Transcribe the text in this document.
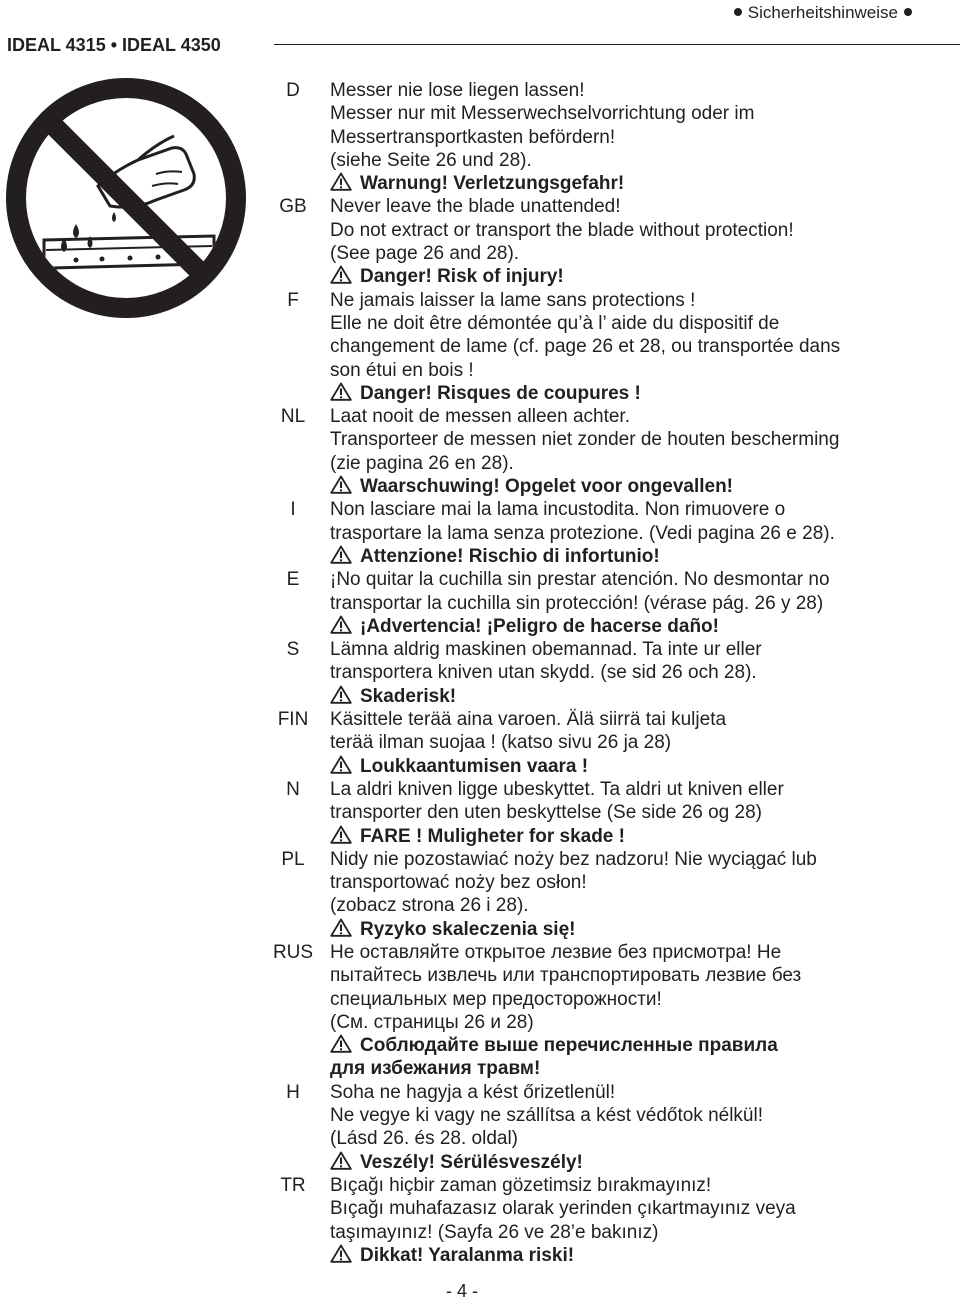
Sicherheitshinweise
IDEAL 4315 • IDEAL 4350
D	Messer nie lose liegen lassen!
Messer nur mit Messerwechselvorrichtung oder im
Messertransportkasten befördern!
(siehe Seite 26 und 28).
Warnung! Verletzungsgefahr!
GB	Never leave the blade unattended!
Do not extract or transport the blade without protection!
(See page 26 and 28).
Danger! Risk of injury!
F	Ne jamais laisser la lame sans protections !
Elle ne doit être démontée qu’à l’ aide du dispositif de
changement de lame (cf. page 26 et 28, ou transportée dans
son étui en bois !
Danger! Risques de coupures !
NL	Laat nooit de messen alleen achter.
Transporteer de messen niet zonder de houten bescherming
(zie pagina 26 en 28).
Waarschuwing! Opgelet voor ongevallen!
I	Non lasciare mai la lama incustodita. Non rimuovere o
trasportare la lama senza protezione. (Vedi pagina 26 e 28).
Attenzione! Rischio di infortunio!
E	¡No quitar la cuchilla sin prestar atención. No desmontar no
transportar la cuchilla sin protección! (vérase pág. 26 y 28)
¡Advertencia! ¡Peligro de hacerse daño!
S	Lämna aldrig maskinen obemannad. Ta inte ur eller
transportera kniven utan skydd. (se sid 26 och 28).
Skaderisk!
FIN	Käsittele terää aina varoen. Älä siirrä tai kuljeta
terää ilman suojaa ! (katso sivu 26 ja 28)
Loukkaantumisen vaara !
N	La aldri kniven ligge ubeskyttet. Ta aldri ut kniven eller
transporter den uten beskyttelse (Se side 26 og 28)
FARE ! Muligheter for skade !
PL	Nidy nie pozostawiać noży bez nadzoru! Nie wyciągać lub
transportować noży bez osłon!
(zobacz strona 26 i 28).
Ryzyko skaleczenia się!
RUS Не оставляйте открытое лезвие без присмотра! Не
пытайтесь извлечь или транспортировать лезвие без
специальных мер предосторожности!
(См. страницы 26 и 28)
Соблюдайте выше перечисленные правила
для избежания травм!
H	Soha ne hagyja a kést őrizetlenül!
Ne vegye ki vagy ne szállítsa a kést védőtok nélkül!
(Lásd 26. és 28. oldal)
Veszély! Sérülésveszély!
TR	Bıçağı hiçbir zaman gözetimsiz bırakmayınız!
Bıçağı muhafazasız olarak yerinden çıkartmayınız veya
taşımayınız! (Sayfa 26 ve 28’e bakınız)
Dikkat! Yaralanma riski!
- 4 -
